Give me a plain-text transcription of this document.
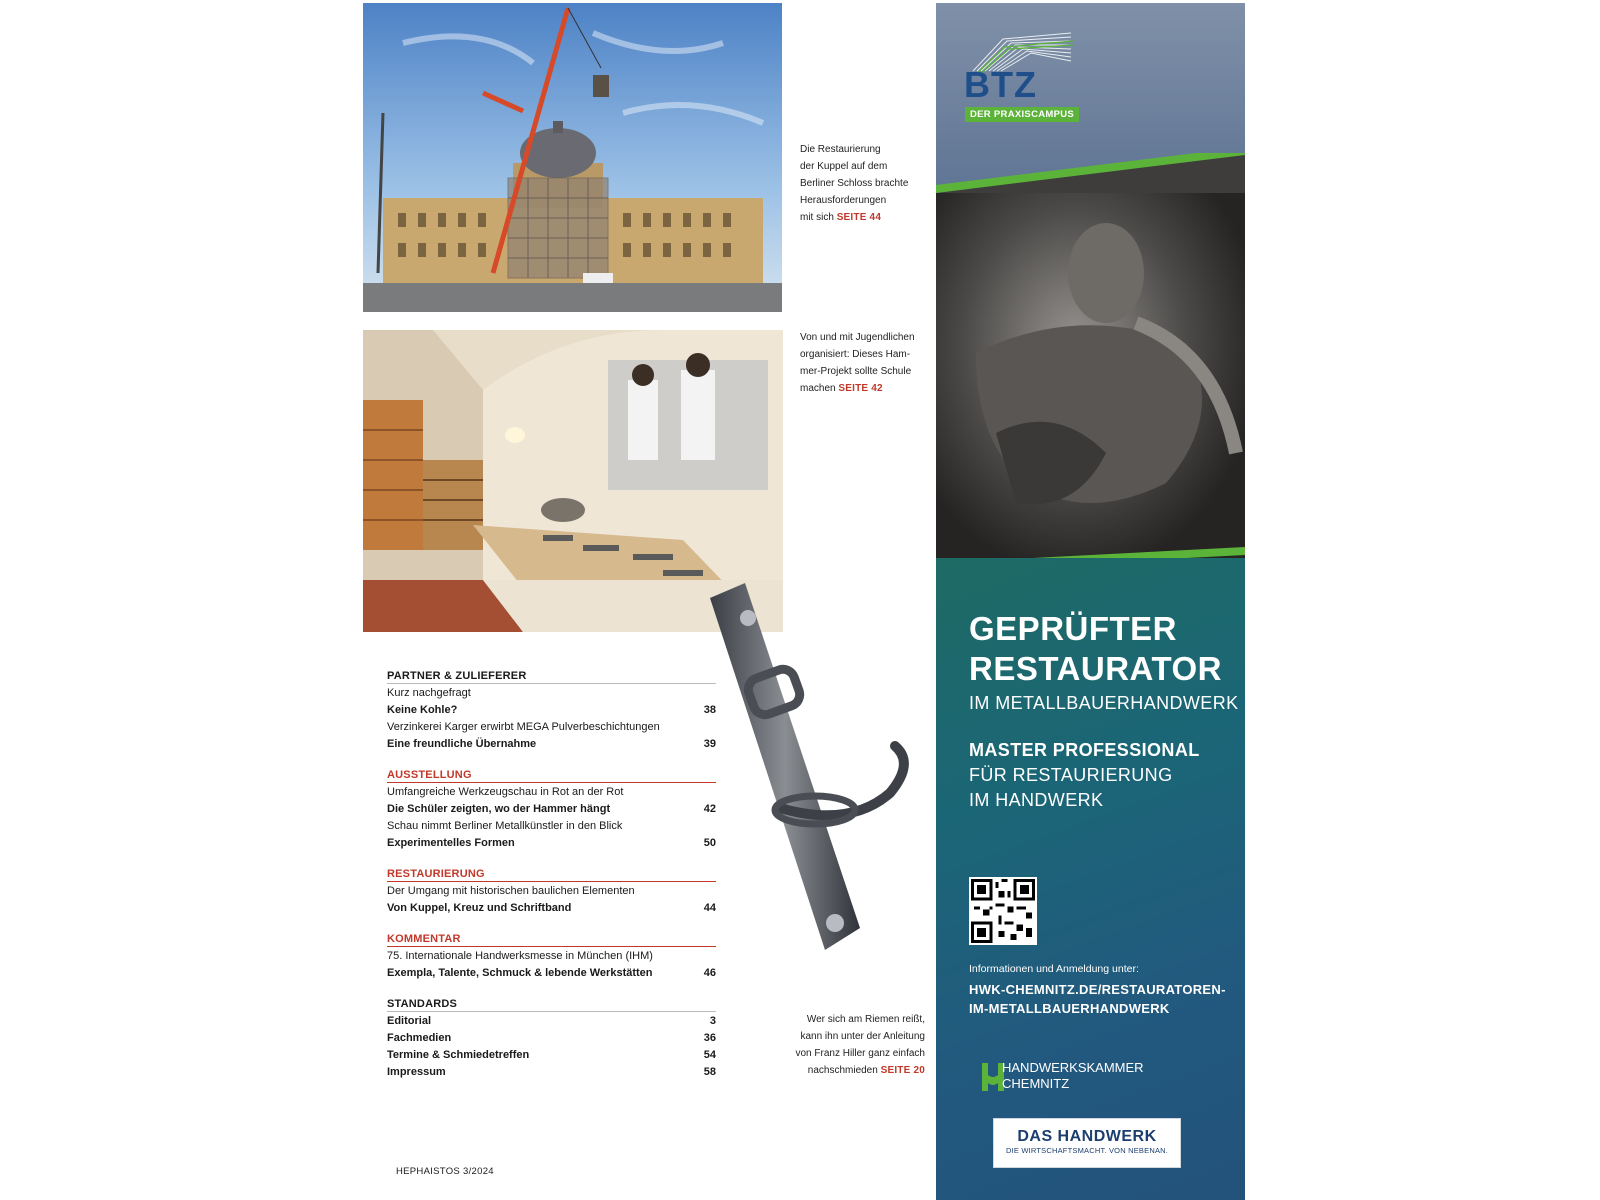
Die Restaurierung
der Kuppel auf dem
Berliner Schloss brachte
Herausforderungen
mit sich SEITE 44
Von und mit Jugendlichen
organisiert: Dieses Ham-
mer-Projekt sollte Schule
machen SEITE 42
PARTNER & ZULIEFERER
Kurz nachgefragt
Keine Kohle?	38
Verzinkerei Karger erwirbt MEGA Pulverbeschichtungen
Eine freundliche Übernahme	39
AUSSTELLUNG
Umfangreiche Werkzeugschau in Rot an der Rot
Die Schüler zeigten, wo der Hammer hängt	42
Schau nimmt Berliner Metallkünstler in den Blick
Experimentelles Formen	50
RESTAURIERUNG
Der Umgang mit historischen baulichen Elementen
Von Kuppel, Kreuz und Schriftband	44
KOMMENTAR
75. Internationale Handwerksmesse in München (IHM)
Exempla, Talente, Schmuck & lebende Werkstätten	46
STANDARDS
Editorial	3
Fachmedien	36
Termine & Schmiedetreffen	54
Impressum	58
Wer sich am Riemen reißt,
kann ihn unter der Anleitung
von Franz Hiller ganz einfach
nachschmieden SEITE 20
HEPHAISTOS 3/2024
BTZ
DER PRAXISCAMPUS
GEPRÜFTER
RESTAURATOR
IM METALLBAUERHANDWERK
MASTER PROFESSIONAL
FÜR RESTAURIERUNG
IM HANDWERK
Informationen und Anmeldung unter:
HWK-CHEMNITZ.DE/RESTAURATOREN-
IM-METALLBAUERHANDWERK
HANDWERKSKAMMER
CHEMNITZ
DAS HANDWERK
DIE WIRTSCHAFTSMACHT. VON NEBENAN.
